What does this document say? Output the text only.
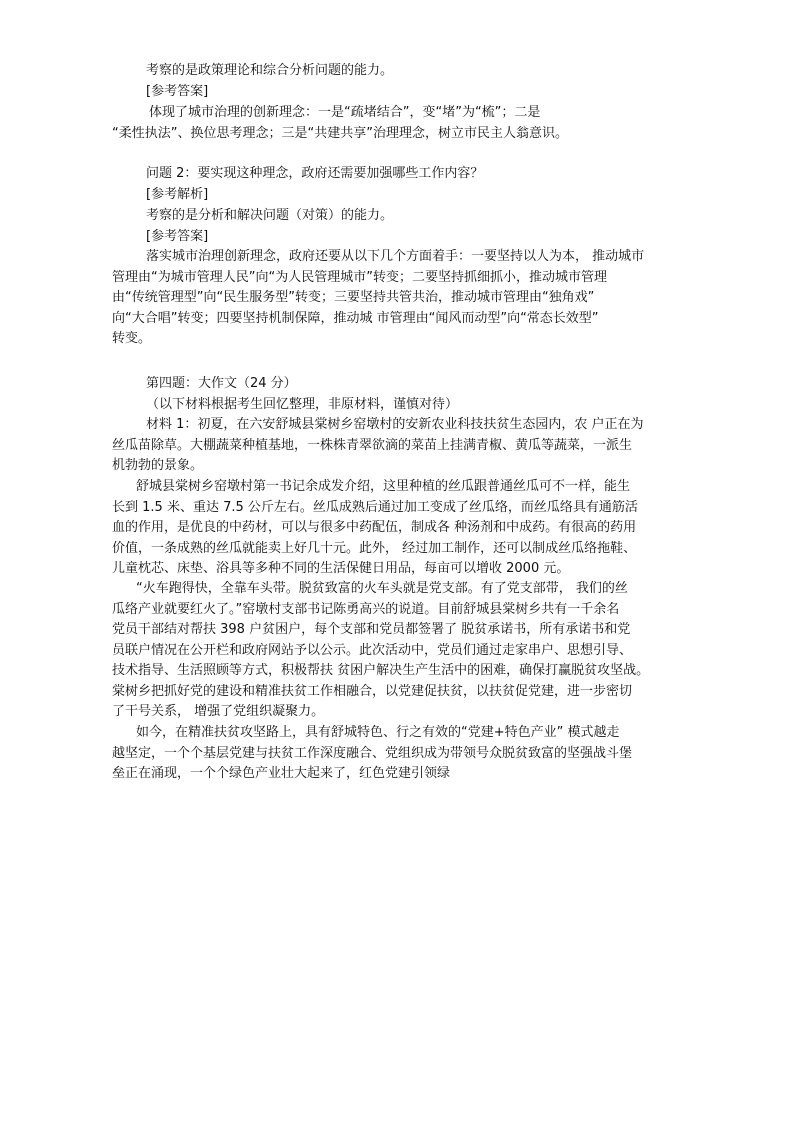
考察的是政策理论和综合分析问题的能力。

[参考答案]

体现了城市治理的创新理念：一是“疏堵结合”，变“堵”为“梳”；二是
“柔性执法”、换位思考理念；三是“共建共享”治理理念，树立市民主人翁意识。

问题 2：要实现这种理念，政府还需要加强哪些工作内容？

[参考解析]

考察的是分析和解决问题（对策）的能力。

[参考答案]

落实城市治理创新理念，政府还要从以下几个方面着手：一要坚持以人为本， 推动城市
管理由“为城市管理人民”向“为人民管理城市”转变；二要坚持抓细抓小，推动城市管理
由“传统管理型”向“民生服务型”转变；三要坚持共管共治，推动城市管理由“独角戏”
向“大合唱”转变；四要坚持机制保障，推动城 市管理由“闻风而动型”向“常态长效型”
转变。

第四题：大作文（24 分）

（以下材料根据考生回忆整理，非原材料，谨慎对待）

材料 1：初夏，在六安舒城县棠树乡窑墩村的安新农业科技扶贫生态园内，农 户正在为
丝瓜苗除草。大棚蔬菜种植基地，一株株青翠欲滴的菜苗上挂满青椒、黄瓜等蔬菜，一派生
机勃勃的景象。

舒城县棠树乡窑墩村第一书记余成发介绍，这里种植的丝瓜跟普通丝瓜可不一样，能生
长到 1.5 米、重达 7.5 公斤左右。丝瓜成熟后通过加工变成了丝瓜络，而丝瓜络具有通筋活
血的作用，是优良的中药材，可以与很多中药配伍，制成各 种汤剂和中成药。有很高的药用
价值，一条成熟的丝瓜就能卖上好几十元。此外， 经过加工制作，还可以制成丝瓜络拖鞋、
儿童枕芯、床垫、浴具等多种不同的生活保健日用品，每亩可以增收 2000 元。

“火车跑得快，全靠车头带。脱贫致富的火车头就是党支部。有了党支部带， 我们的丝
瓜络产业就要红火了。”窑墩村支部书记陈勇高兴的说道。目前舒城县棠树乡共有一千余名
党员干部结对帮扶 398 户贫困户，每个支部和党员都签署了 脱贫承诺书，所有承诺书和党
员联户情况在公开栏和政府网站予以公示。此次活动中，党员们通过走家串户、思想引导、
技术指导、生活照顾等方式，积极帮扶 贫困户解决生产生活中的困难，确保打赢脱贫攻坚战。
棠树乡把抓好党的建设和精准扶贫工作相融合，以党建促扶贫，以扶贫促党建，进一步密切
了干号关系， 增强了党组织凝聚力。

如今，在精准扶贫攻坚路上，具有舒城特色、行之有效的“党建+特色产业” 模式越走
越坚定，一个个基层党建与扶贫工作深度融合、党组织成为带领号众脱贫致富的坚强战斗堡
垒正在涌现，一个个绿色产业壮大起来了，红色党建引领绿
